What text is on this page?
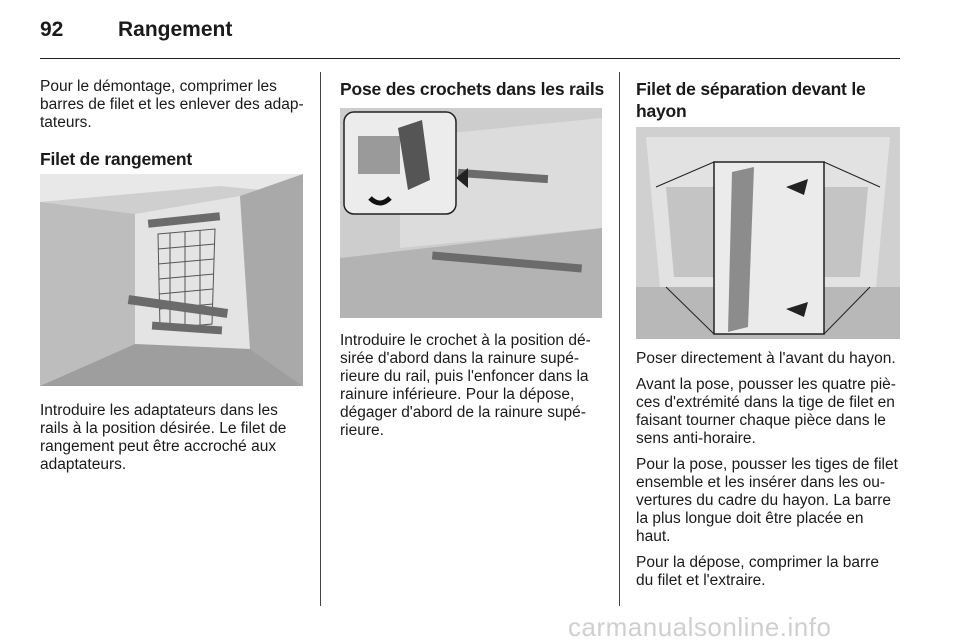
92	Rangement

Pour le démontage, comprimer les

barres de filet et les enlever des adap-

tateurs.

Filet de rangement

Introduire les adaptateurs dans les

rails à la position désirée. Le filet de

rangement peut être accroché aux

adaptateurs.

Pose des crochets dans les rails

Introduire le crochet à la position dé-

sirée d'abord dans la rainure supé-

rieure du rail, puis l'enfoncer dans la

rainure inférieure. Pour la dépose,

dégager d'abord de la rainure supé-

rieure.

Filet de séparation devant le

hayon

Poser directement à l'avant du hayon.

Avant la pose, pousser les quatre piè-

ces d'extrémité dans la tige de filet en

faisant tourner chaque pièce dans le

sens anti-horaire.

Pour la pose, pousser les tiges de filet

ensemble et les insérer dans les ou-

vertures du cadre du hayon. La barre

la plus longue doit être placée en

haut.

Pour la dépose, comprimer la barre

du filet et l'extraire.

carmanualsonline.info
